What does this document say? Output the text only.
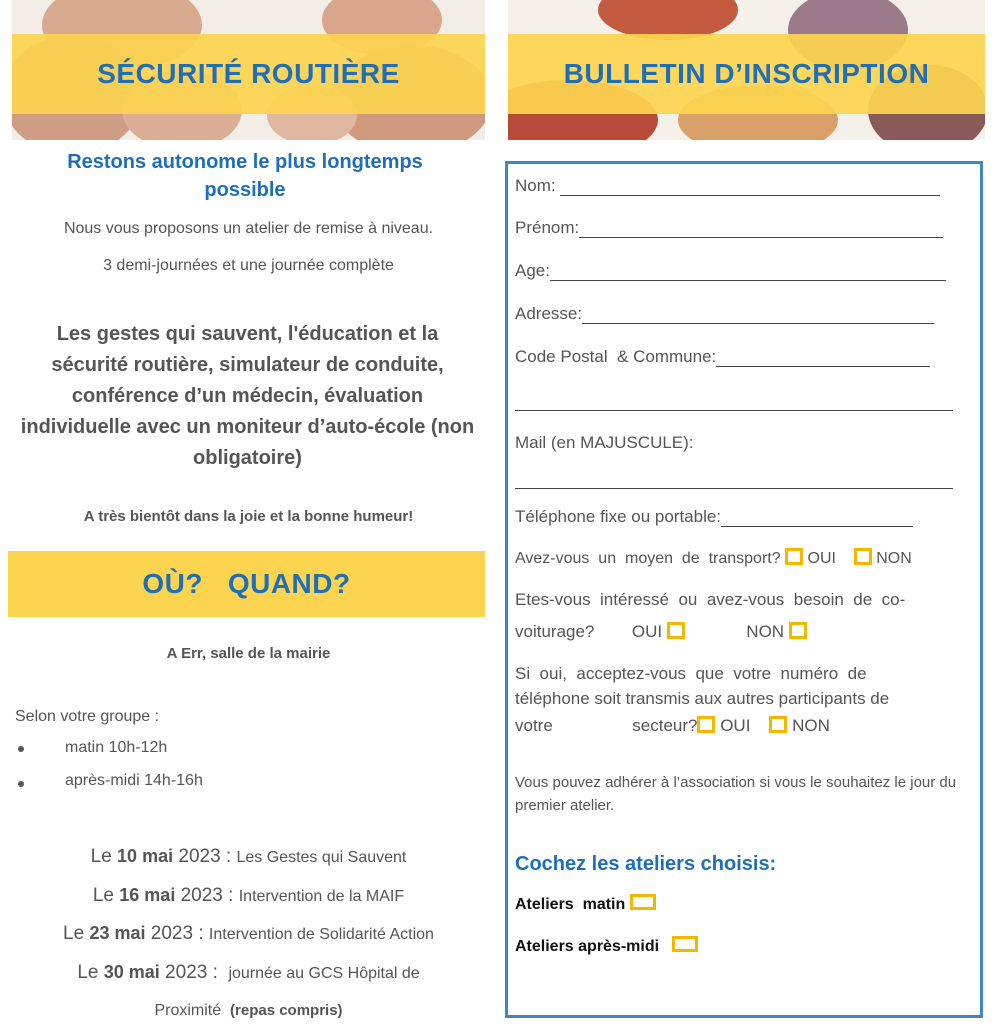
SÉCURITÉ ROUTIÈRE	BULLETIN D’INSCRIPTION
Restons autonome le plus longtemps possible
Nous vous proposons un atelier de remise à niveau.
3 demi-journées et une journée complète
Les gestes qui sauvent, l'éducation et la sécurité routière, simulateur de conduite, conférence d’un médecin, évaluation individuelle avec un moniteur d’auto-école (non obligatoire)
A très bientôt dans la joie et la bonne humeur!
OÙ?   QUAND?
A Err, salle de la mairie
Selon votre groupe :
matin 10h-12h
après-midi 14h-16h
Le 10 mai 2023 : Les Gestes qui Sauvent
Le 16 mai 2023 : Intervention de la MAIF
Le 23 mai 2023 : Intervention de Solidarité Action
Le 30 mai 2023 :  journée au GCS Hôpital de
Proximité (repas compris)
Nom:
Prénom:
Age:
Adresse:
Code Postal  & Commune:
Mail (en MAJUSCULE):
Téléphone fixe ou portable:
Avez-vous  un  moyen  de  transport? OUI	NON
Etes-vous  intéressé  ou  avez-vous  besoin  de  co-
voiturage? OUI	NON
Si  oui,  acceptez-vous  que  votre  numéro  de
téléphone soit transmis aux autres participants de
votre	secteur? OUI NON
Vous pouvez adhérer à l’association si vous le souhaitez le jour du premier atelier.
Cochez les ateliers choisis:
Ateliers  matin
Ateliers après-midi
